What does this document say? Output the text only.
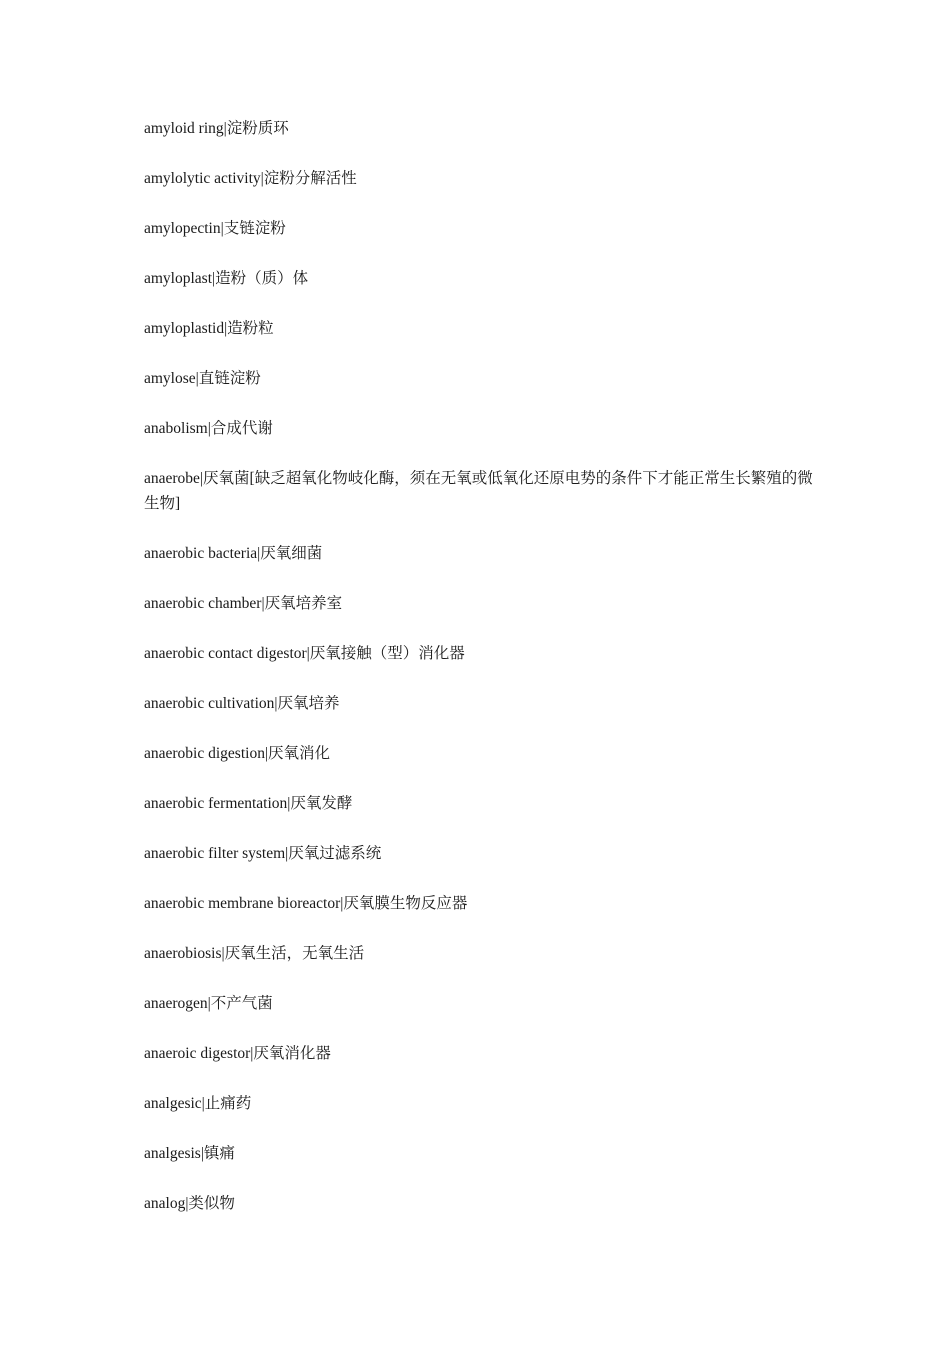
amyloid ring|淀粉质环
amylolytic activity|淀粉分解活性
amylopectin|支链淀粉
amyloplast|造粉（质）体
amyloplastid|造粉粒
amylose|直链淀粉
anabolism|合成代谢
anaerobe|厌氧菌[缺乏超氧化物岐化酶，须在无氧或低氧化还原电势的条件下才能正常生长繁殖的微生物]
anaerobic bacteria|厌氧细菌
anaerobic chamber|厌氧培养室
anaerobic contact digestor|厌氧接触（型）消化器
anaerobic cultivation|厌氧培养
anaerobic digestion|厌氧消化
anaerobic fermentation|厌氧发酵
anaerobic filter system|厌氧过滤系统
anaerobic membrane bioreactor|厌氧膜生物反应器
anaerobiosis|厌氧生活，无氧生活
anaerogen|不产气菌
anaeroic digestor|厌氧消化器
analgesic|止痛药
analgesis|镇痛
analog|类似物
